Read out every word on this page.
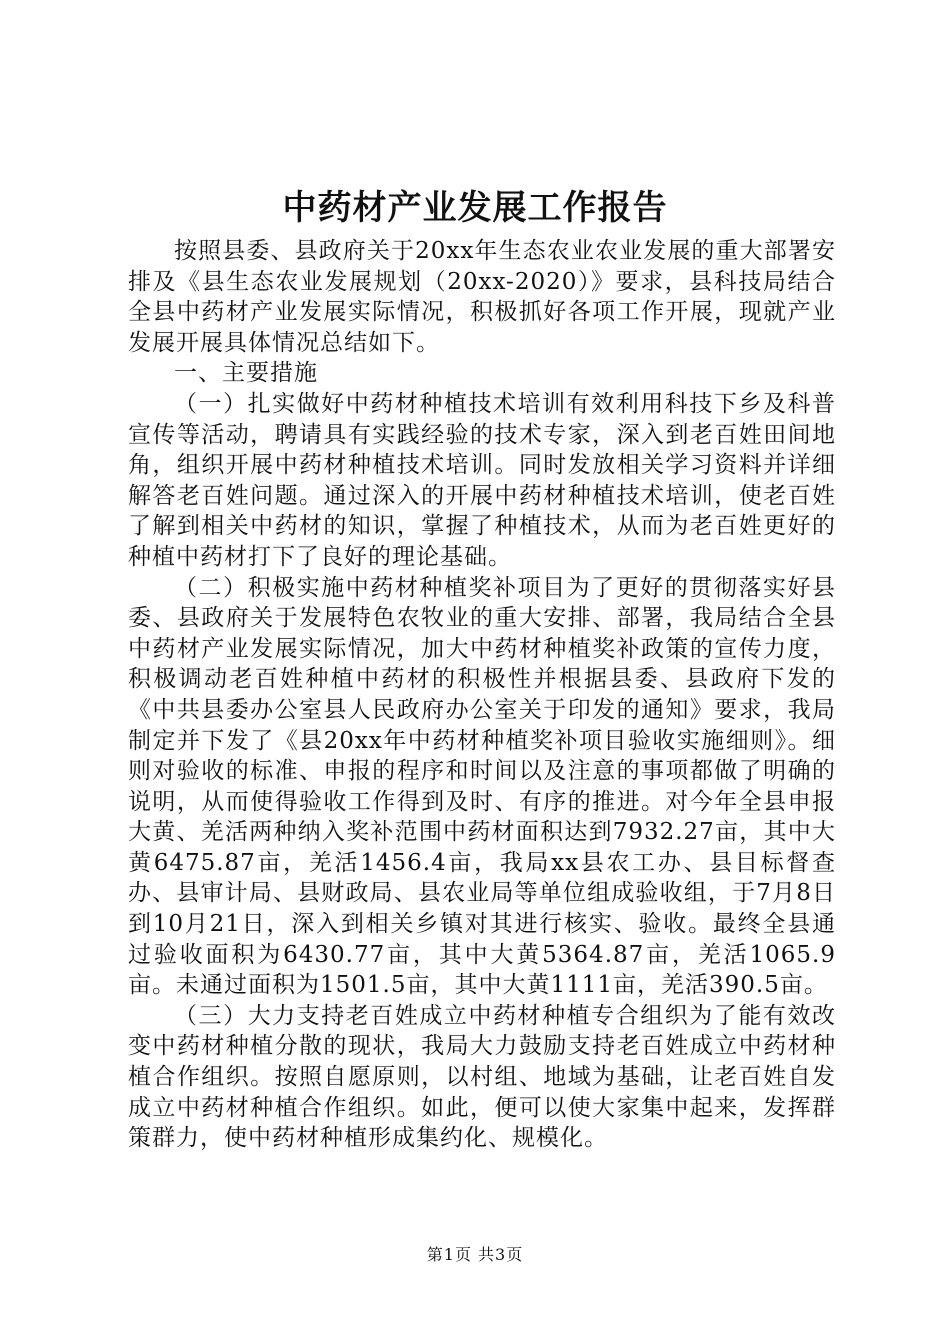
中药材产业发展工作报告

按照县委、县政府关于20xx年生态农业农业发展的重大部署安排及《县生态农业发展规划（20xx-2020）》要求，县科技局结合全县中药材产业发展实际情况，积极抓好各项工作开展，现就产业发展开展具体情况总结如下。

一、主要措施

（一）扎实做好中药材种植技术培训有效利用科技下乡及科普宣传等活动，聘请具有实践经验的技术专家，深入到老百姓田间地角，组织开展中药材种植技术培训。同时发放相关学习资料并详细解答老百姓问题。通过深入的开展中药材种植技术培训，使老百姓了解到相关中药材的知识，掌握了种植技术，从而为老百姓更好的种植中药材打下了良好的理论基础。

（二）积极实施中药材种植奖补项目为了更好的贯彻落实好县委、县政府关于发展特色农牧业的重大安排、部署，我局结合全县中药材产业发展实际情况，加大中药材种植奖补政策的宣传力度，积极调动老百姓种植中药材的积极性并根据县委、县政府下发的《中共县委办公室县人民政府办公室关于印发的通知》要求，我局制定并下发了《县20xx年中药材种植奖补项目验收实施细则》。细则对验收的标准、申报的程序和时间以及注意的事项都做了明确的说明，从而使得验收工作得到及时、有序的推进。对今年全县申报大黄、羌活两种纳入奖补范围中药材面积达到7932.27亩，其中大黄6475.87亩，羌活1456.4亩，我局xx县农工办、县目标督查办、县审计局、县财政局、县农业局等单位组成验收组，于7月8日到10月21日，深入到相关乡镇对其进行核实、验收。最终全县通过验收面积为6430.77亩，其中大黄5364.87亩，羌活1065.9亩。未通过面积为1501.5亩，其中大黄1111亩，羌活390.5亩。

（三）大力支持老百姓成立中药材种植专合组织为了能有效改变中药材种植分散的现状，我局大力鼓励支持老百姓成立中药材种植合作组织。按照自愿原则，以村组、地域为基础，让老百姓自发成立中药材种植合作组织。如此，便可以使大家集中起来，发挥群策群力，使中药材种植形成集约化、规模化。

第1页 共3页
